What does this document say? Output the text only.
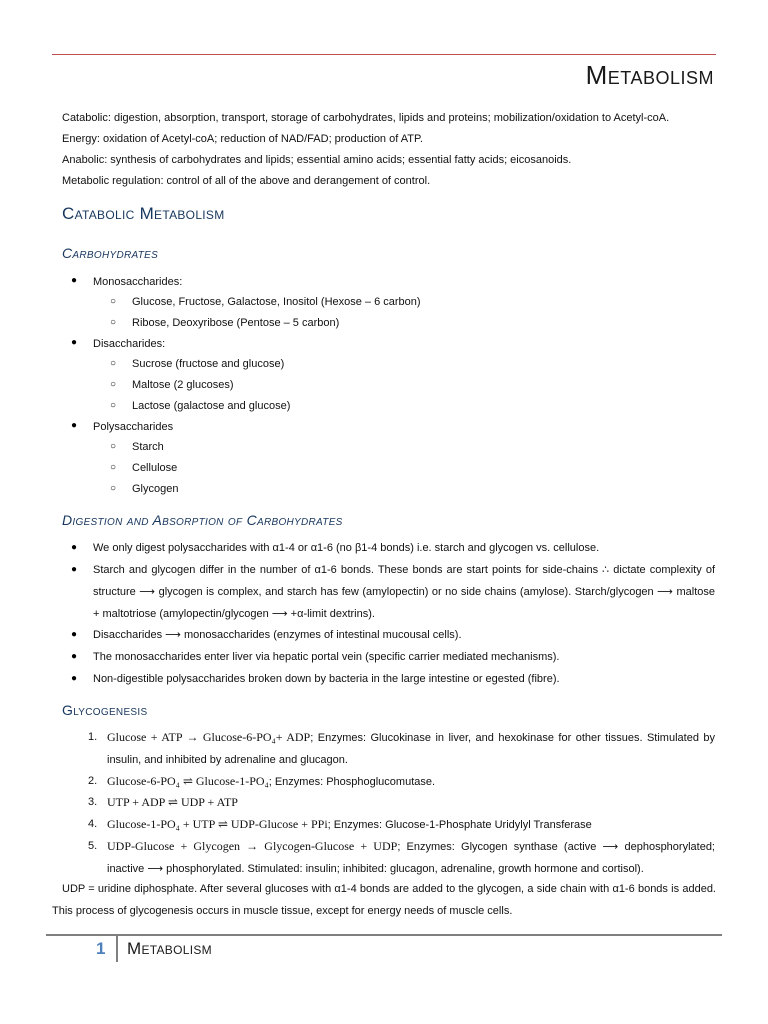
Metabolism
Catabolic: digestion, absorption, transport, storage of carbohydrates, lipids and proteins; mobilization/oxidation to Acetyl-coA.
Energy: oxidation of Acetyl-coA; reduction of NAD/FAD; production of ATP.
Anabolic: synthesis of carbohydrates and lipids; essential amino acids; essential fatty acids; eicosanoids.
Metabolic regulation: control of all of the above and derangement of control.
Catabolic Metabolism
Carbohydrates
● Monosaccharides:
○ Glucose, Fructose, Galactose, Inositol (Hexose – 6 carbon)
○ Ribose, Deoxyribose (Pentose – 5 carbon)
● Disaccharides:
○ Sucrose (fructose and glucose)
○ Maltose (2 glucoses)
○ Lactose (galactose and glucose)
● Polysaccharides
○ Starch
○ Cellulose
○ Glycogen
Digestion and Absorption of Carbohydrates
● We only digest polysaccharides with α1-4 or α1-6 (no β1-4 bonds) i.e. starch and glycogen vs. cellulose.
● Starch and glycogen differ in the number of α1-6 bonds. These bonds are start points for side-chains ∴ dictate complexity of structure ⟶ glycogen is complex, and starch has few (amylopectin) or no side chains (amylose). Starch/glycogen ⟶ maltose + maltotriose (amylopectin/glycogen ⟶ +α-limit dextrins).
● Disaccharides ⟶ monosaccharides (enzymes of intestinal mucousal cells).
● The monosaccharides enter liver via hepatic portal vein (specific carrier mediated mechanisms).
● Non-digestible polysaccharides broken down by bacteria in the large intestine or egested (fibre).
Glycogenesis
1. Glucose + ATP → Glucose-6-PO₄+ ADP; Enzymes: Glucokinase in liver, and hexokinase for other tissues. Stimulated by insulin, and inhibited by adrenaline and glucagon.
2. Glucose-6-PO₄ ⇌ Glucose-1-PO₄; Enzymes: Phosphoglucomutase.
3. UTP + ADP ⇌ UDP + ATP
4. Glucose-1-PO₄ + UTP ⇌ UDP-Glucose + PPi; Enzymes: Glucose-1-Phosphate Uridylyl Transferase
5. UDP-Glucose + Glycogen → Glycogen-Glucose + UDP; Enzymes: Glycogen synthase (active ⟶ dephosphorylated; inactive ⟶ phosphorylated. Stimulated: insulin; inhibited: glucagon, adrenaline, growth hormone and cortisol).
UDP = uridine diphosphate. After several glucoses with α1-4 bonds are added to the glycogen, a side chain with α1-6 bonds is added. This process of glycogenesis occurs in muscle tissue, except for energy needs of muscle cells.
1 Metabolism
